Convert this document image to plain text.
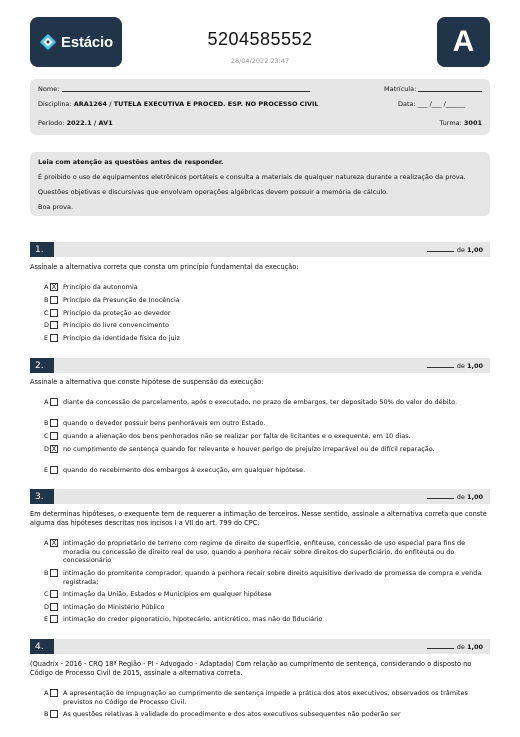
Estácio	5204585552
28/04/2022 23:47
A
Nome:	Matrícula:
Disciplina: ARA1264 / TUTELA EXECUTIVA E PROCED. ESP. NO PROCESSO CIVIL	Data: ___ /___ /______
Período: 2022.1 / AV1	Turma: 3001

Leia com atenção as questões antes de responder.

É proibido o uso de equipamentos eletrônicos portáteis e consulta a materiais de qualquer natureza durante a realização da prova.

Questões objetivas e discursivas que envolvam operações algébricas devem possuir a memória de cálculo.

Boa prova.

1.	de 1,00
Assinale a alternativa correta que consta um princípio fundamental da execução:
A X Princípio da autonomia
B	Princípio da Presunção de Inocência
C	Princípio da proteção ao devedor
D	Princípio do livre convencimento
E	Princípio da identidade física do juiz
2.	de 1,00
Assinale a alternativa que conste hipótese de suspensão da execução:
A	diante da concessão de parcelamento, após o executado, no prazo de embargos, ter depositado 50% do valor do débito.
B	quando o devedor possuir bens penhoráveis em outro Estado.
C	quando a alienação dos bens penhorados não se realizar por falta de licitantes e o exequente, em 10 dias.
D X no cumprimento de sentença quando for relevante e houver perigo de prejuízo irreparável ou de difícil reparação.
E	quando do recebimento dos embargos à execução, em qualquer hipótese.
3.	de 1,00
Em determinas hipóteses, o exequente tem de requerer a intimação de terceiros. Nesse sentido, assinale a alternativa correta que conste alguma das hipóteses descritas nos incisos I a VII do art. 799 do CPC:
A X intimação do proprietário de terreno com regime de direito de superfície, enfiteuse, concessão de uso especial para fins de moradia ou concessão de direito real de uso, quando a penhora recair sobre direitos do superficiário, do enfiteuta ou do concessionário
B	intimação do promitente comprador, quando a penhora recair sobre direito aquisitivo derivado de promessa de compra e venda registrada;
C	Intimação da União, Estados e Municípios em qualquer hipótese
D	Intimação do Ministério Público
E	intimação do credor pignoratício, hipotecário, anticrético, mas não do fiduciário
4.	de 1,00
(Quadrix - 2016 - CRQ 18ª Região - PI - Advogado - Adaptada) Com relação ao cumprimento de sentença, considerando o disposto no Código de Processo Civil de 2015, assinale a alternativa correta.
A	A apresentação de impugnação ao cumprimento de sentença impede a prática dos atos executivos, observados os trâmites previstos no Código de Processo Civil.
B	As questões relativas à validade do procedimento e dos atos executivos subsequentes não poderão ser
